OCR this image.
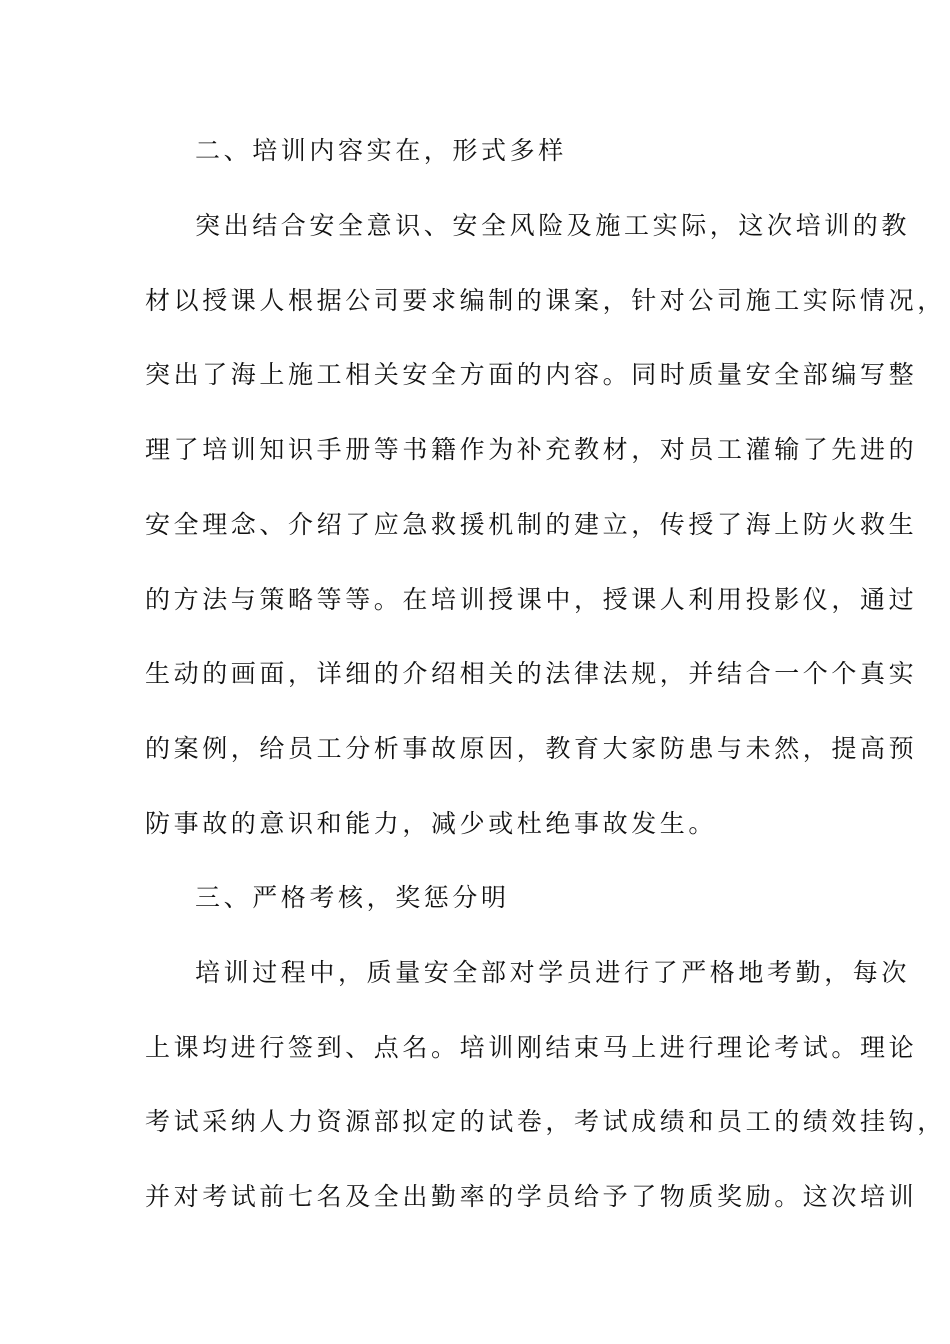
二、培训内容实在，形式多样
突出结合安全意识、安全风险及施工实际，这次培训的教
材以授课人根据公司要求编制的课案，针对公司施工实际情况，
突出了海上施工相关安全方面的内容。同时质量安全部编写整
理了培训知识手册等书籍作为补充教材，对员工灌输了先进的
安全理念、介绍了应急救援机制的建立，传授了海上防火救生
的方法与策略等等。在培训授课中，授课人利用投影仪，通过
生动的画面，详细的介绍相关的法律法规，并结合一个个真实
的案例，给员工分析事故原因，教育大家防患与未然，提高预
防事故的意识和能力，减少或杜绝事故发生。
三、严格考核，奖惩分明
培训过程中，质量安全部对学员进行了严格地考勤，每次
上课均进行签到、点名。培训刚结束马上进行理论考试。理论
考试采纳人力资源部拟定的试卷，考试成绩和员工的绩效挂钩，
并对考试前七名及全出勤率的学员给予了物质奖励。这次培训
